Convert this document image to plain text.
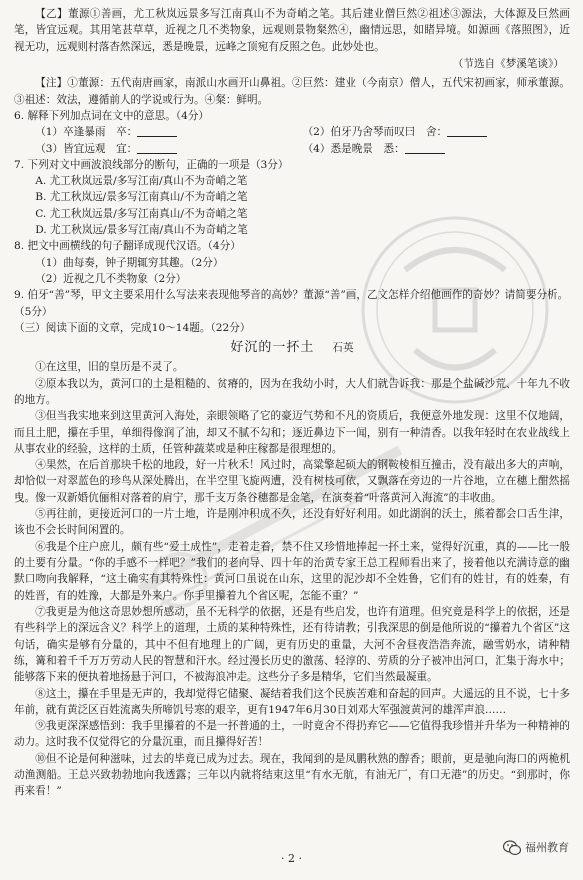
【乙】董源①善画，尤工秋岚远景多写江南真山不为奇峭之笔。其后建业僧巨然②祖述③源法，大体源及巨然画笔，皆宜远观。其用笔甚草草，近视之几不类物象，远观则景物粲然④，幽情远思，如睹异境。如源画《落照图》，近视无功，远观则村落杳然深远，悉是晚景，远峰之顶宛有反照之色。此妙处也。

（节选自《梦溪笔谈》）

【注】①董源：五代南唐画家，南派山水画开山鼻祖。②巨然：建业（今南京）僧人，五代宋初画家，师承董源。③祖述：效法，遵循前人的学说或行为。④粲：鲜明。

6. 解释下列加点词在文中的意思。（4分）

（1）卒逢暴雨　卒：	（2）伯牙乃舍琴而叹曰　舍：
（3）皆宜远观　宜：	（4）悉是晚景　悉：

7. 下列对文中画波浪线部分的断句，正确的一项是（3分）

A. 尤工秋岚远景/多写江南/真山不为奇峭之笔

B. 尤工秋岚远/景多写江南真山/不为奇峭之笔

C. 尤工秋岚远景/多写江南真山/不为奇峭之笔

D. 尤工秋岚远/景多写江南/真山不为奇峭之笔

8. 把文中画横线的句子翻译成现代汉语。（4分）

（1）曲每奏，钟子期辄穷其趣。（2分）

（2）近视之几不类物象（2分）

9. 伯牙“善”琴，甲文主要采用什么写法来表现他琴音的高妙？董源“善”画，乙文怎样介绍他画作的奇妙？请简要分析。（5分）

（三）阅读下面的文章，完成10～14题。（22分）

好沉的一抔土 石英

①在这里，旧的皇历是不灵了。

②原本我以为，黄河口的土是粗糙的、贫瘠的，因为在我幼小时，大人们就告诉我：那是个盐碱沙荒、十年九不收的地方。

③但当我实地来到这里黄河入海处，亲眼领略了它的豪迈气势和不凡的资质后，我便意外地发现：这里不仅地阔，而且土肥，攥在手里，单细得像润了油，却又不腻不勾和；逐近鼻边下一闻，别有一种清香。以我年轻时在农业战线上从事农业的经验，这样的土质，任管种蔬菜或是种庄稼都是很理想的。

④果然，在后首那块千松的地段，好一片秋禾！风过时，高粱擎起硕大的钢鞍棱相互撞击，没有敲出多大的声响，却恰似一对翠蓝色的珍鸟从深处腾出，在半空里飞旋两遭，没有树枝可依，又飘落在旁边的一片谷地，立在穗上酣然摇曳。像一双新婚伉俪相对落着的肩宁，那千支万条谷穗都是金笔，在演奏着“叶落黄河入海流”的丰收曲。

⑤再往前，更接近河口的一片土地，许是刚冲积成不久，还没有好好利用。如此湖润的沃土，熊着都会口舌生津，该也不会长时间闲置的。

⑥我是个庄户庶儿，颇有些“爱土成性”，走着走着，禁不住又珍惜地捧起一抔土来，觉得好沉重，真的——比一般的土要有分量。“你的手感不一样吧？”我们的老向导、四十年的治黄专家王总工程师看出来了，接着他以充满诗意的幽默口吻向我解释，“这土确实有其特殊性：黄河口虽说在山东，这里的泥沙却不全姓鲁，它们有的姓甘，有的姓秦，有的姓晋，有的姓豫，大都是外来户。你手里攥着九个省区呢，怎能不重？”

⑦我更是为他这奇思妙想所感动，虽不无科学的依据，还是有些启发，也许有道理。但究竟是科学上的依据，还是有些科学上的深远含义？科学上的道理，土质的某种特殊性，还有待请教；引我深思的倒是他所说的“攥着九个省区”这句话，确实是够有分量的，其中不但有地理上的广阔，更有历史的重量，大河不舍昼夜浩浩奔流，融雪奶水，请种精练，篝和着千千万万劳动人民的智慧和汗水。经过漫长历史的激荡、轻淳的、劳质的分子被冲出河口，汇集于海水中；能够落下来的便执着地扬悬于河口，不被海浪冲走。这些分子多是精华，它们当然最凝重。

⑧这土，攥在手里是无声的，我却觉得它储聚、凝结着我们这个民族苦难和奋起的回声。大遥远的且不说，七十多年前，就有黄泛区百姓流离失所啼饥号寒的艰辛，更有1947年6月30日刘邓大军强渡黄河的雄浑声浪……

⑨我更深深感悟到：我手里攥着的不是一抔普通的土，一时竟舍不得扔弃它——它值得我珍惜并升华为一种精神的动力。这时我不仅觉得它的分量沉重，而且攥得好苦！

⑩但不论是何种滋味，过去的毕竟已成为过去。现在，我闻到的是凤鹏秋熟的醇香；眼前，更是驰向海口的两桅机动渔测船。王总兴致勃勃地向我透露；三年以内就将结束这里“有水无航，有油无厂，有口无港”的历史。“到那时，你再来看！”

· 2 ·
福州教育
